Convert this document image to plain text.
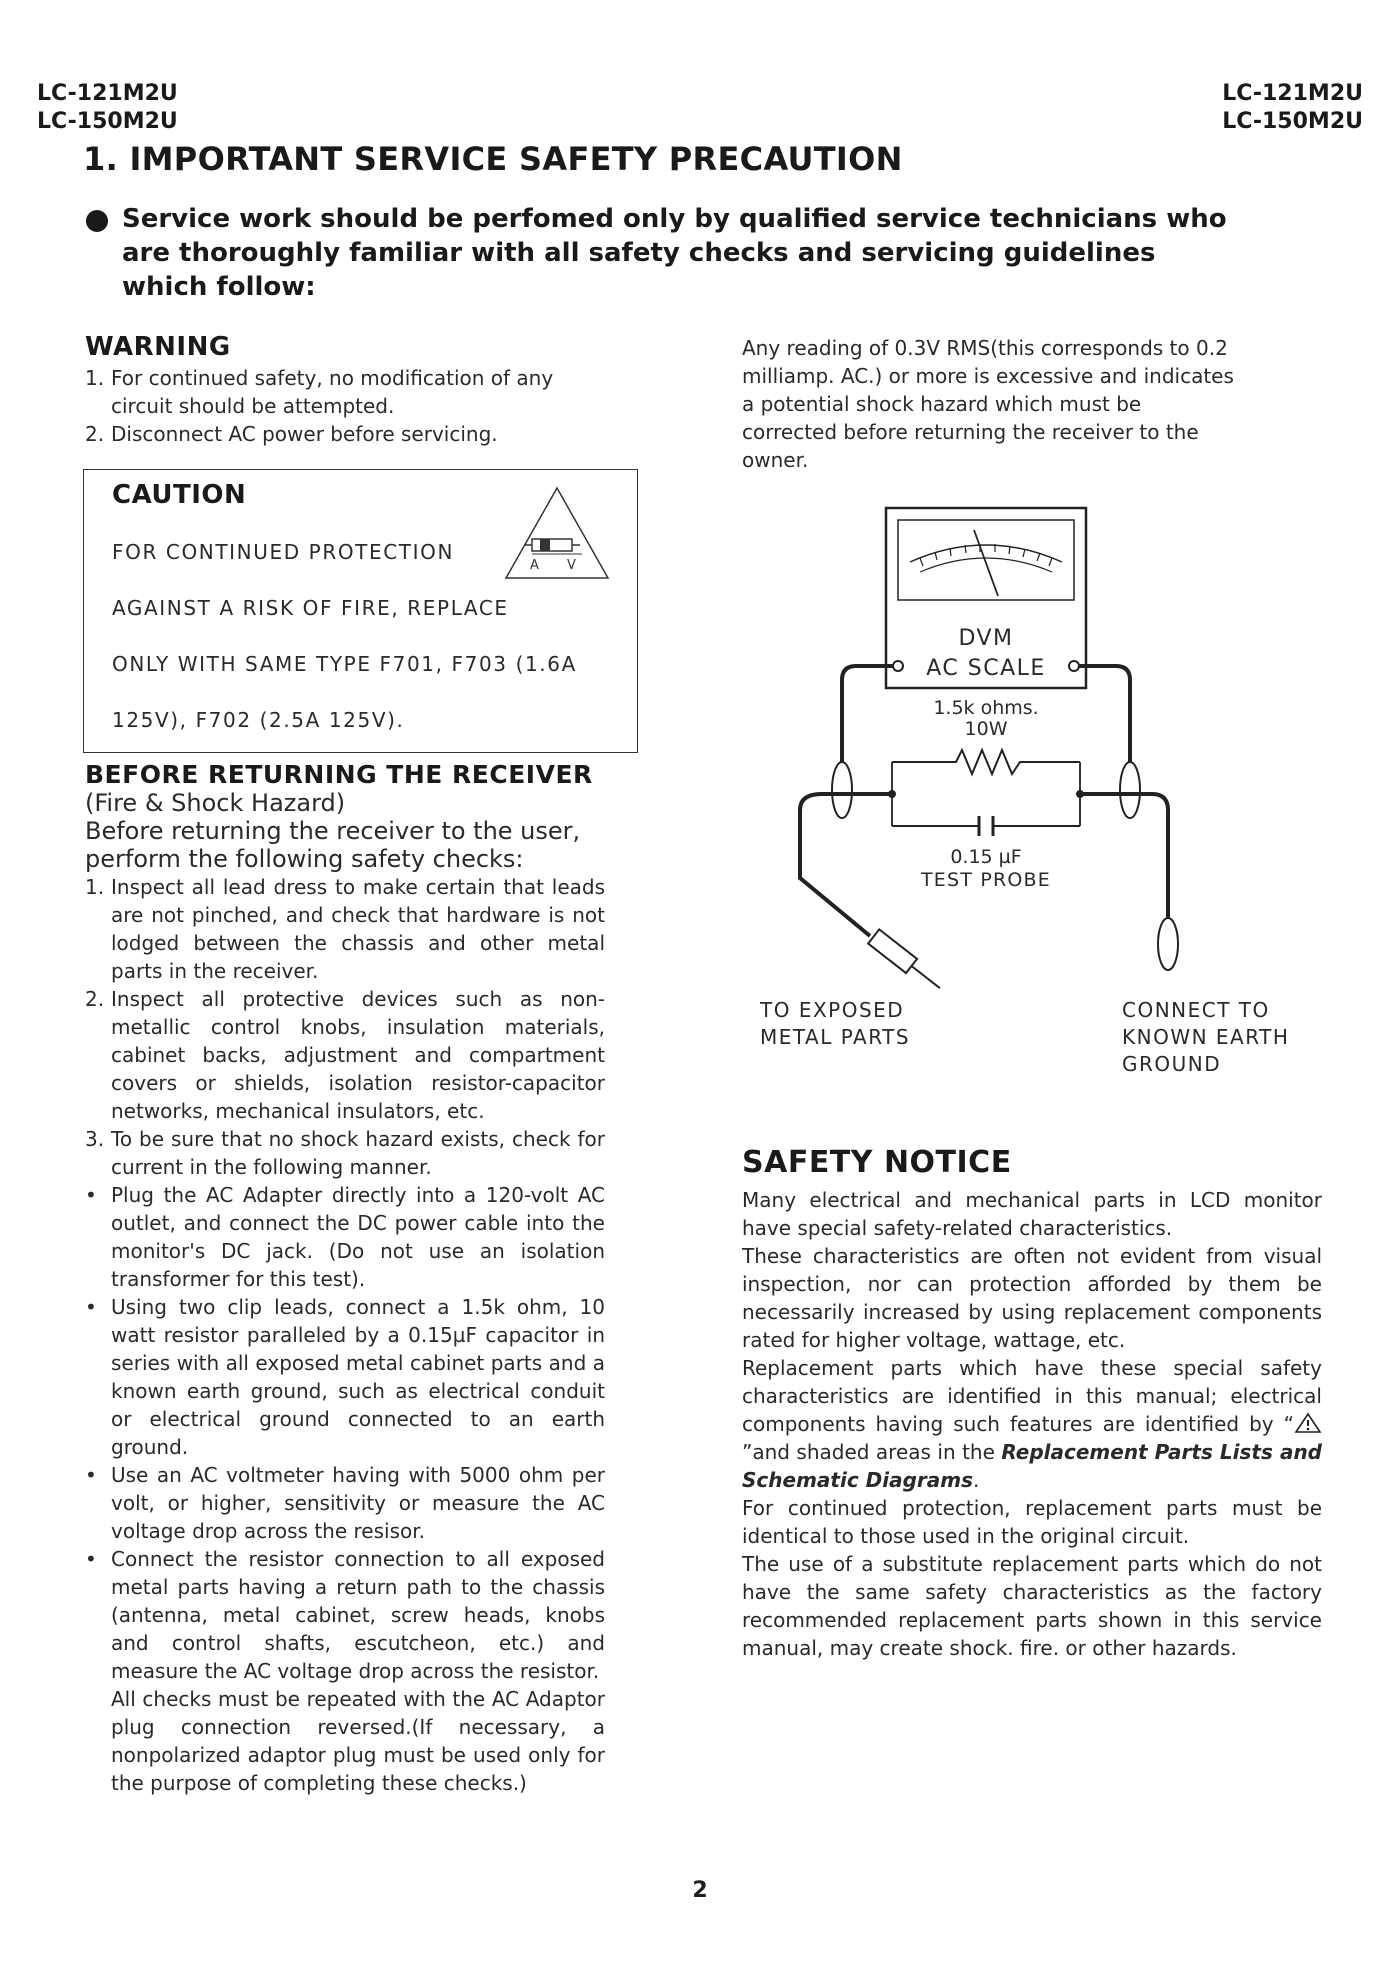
LC-121M2U
LC-150M2U
LC-121M2U
LC-150M2U
1. IMPORTANT SERVICE SAFETY PRECAUTION
Service work should be perfomed only by qualified service technicians who are thoroughly familiar with all safety checks and servicing guidelines which follow:
WARNING
1. For continued safety, no modification of any circuit should be attempted.
2. Disconnect AC power before servicing.
CAUTION
FOR CONTINUED PROTECTION
AGAINST A RISK OF FIRE, REPLACE
ONLY WITH SAME TYPE F701, F703 (1.6A
125V), F702 (2.5A 125V).
A V
BEFORE RETURNING THE RECEIVER
(Fire & Shock Hazard)
Before returning the receiver to the user, perform the following safety checks:
1. Inspect all lead dress to make certain that leads are not pinched, and check that hardware is not lodged between the chassis and other metal parts in the receiver.
2. Inspect all protective devices such as non-metallic control knobs, insulation materials, cabinet backs, adjustment and compartment covers or shields, isolation resistor-capacitor networks, mechanical insulators, etc.
3. To be sure that no shock hazard exists, check for current in the following manner.
• Plug the AC Adapter directly into a 120-volt AC outlet, and connect the DC power cable into the monitor's DC jack. (Do not use an isolation transformer for this test).
• Using two clip leads, connect a 1.5k ohm, 10 watt resistor paralleled by a 0.15µF capacitor in series with all exposed metal cabinet parts and a known earth ground, such as electrical conduit or electrical ground connected to an earth ground.
• Use an AC voltmeter having with 5000 ohm per volt, or higher, sensitivity or measure the AC voltage drop across the resisor.
• Connect the resistor connection to all exposed metal parts having a return path to the chassis (antenna, metal cabinet, screw heads, knobs and control shafts, escutcheon, etc.) and measure the AC voltage drop across the resistor.
All checks must be repeated with the AC Adaptor plug connection reversed.(If necessary, a nonpolarized adaptor plug must be used only for the purpose of completing these checks.)
Any reading of 0.3V RMS(this corresponds to 0.2 milliamp. AC.) or more is excessive and indicates a potential shock hazard which must be corrected before returning the receiver to the owner.
DVM
AC SCALE
1.5k ohms.
10W
0.15 µF
TEST PROBE
TO EXPOSED
METAL PARTS
CONNECT TO
KNOWN EARTH
GROUND
SAFETY NOTICE
Many electrical and mechanical parts in LCD monitor have special safety-related characteristics.
These characteristics are often not evident from visual inspection, nor can protection afforded by them be necessarily increased by using replacement components rated for higher voltage, wattage, etc.
Replacement parts which have these special safety characteristics are identified in this manual; electrical components having such features are identified by “”and shaded areas in the Replacement Parts Lists and Schematic Diagrams.
For continued protection, replacement parts must be identical to those used in the original circuit.
The use of a substitute replacement parts which do not have the same safety characteristics as the factory recommended replacement parts shown in this service manual, may create shock. fire. or other hazards.
2
